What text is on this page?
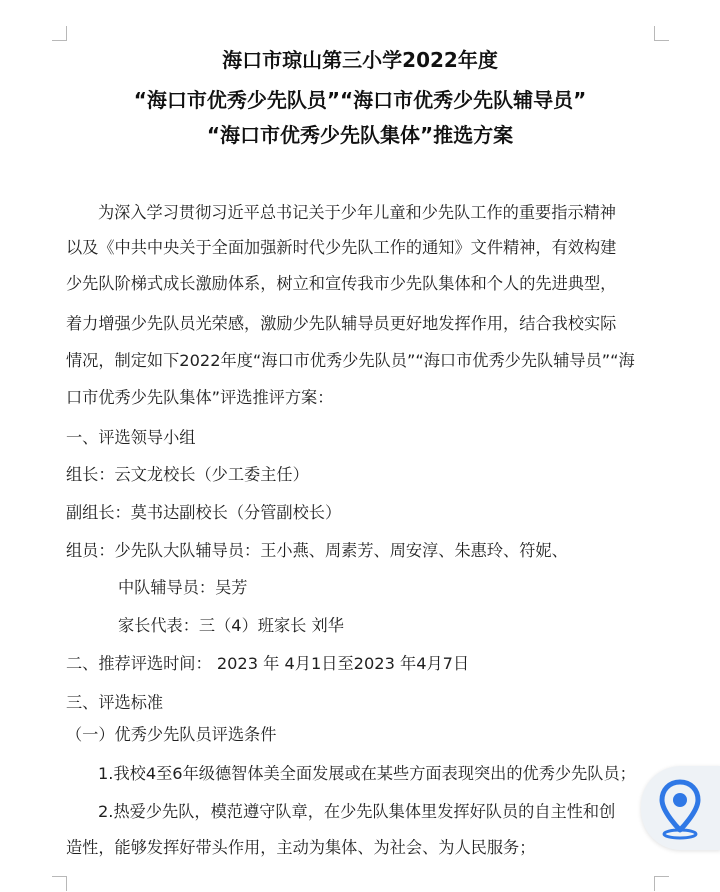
海口市琼山第三小学2022年度
“海口市优秀少先队员”“海口市优秀少先队辅导员”
“海口市优秀少先队集体”推选方案
为深入学习贯彻习近平总书记关于少年儿童和少先队工作的重要指示精神
以及《中共中央关于全面加强新时代少先队工作的通知》文件精神，有效构建
少先队阶梯式成长激励体系，树立和宣传我市少先队集体和个人的先进典型，
着力增强少先队员光荣感，激励少先队辅导员更好地发挥作用，结合我校实际
情况，制定如下2022年度“海口市优秀少先队员”“海口市优秀少先队辅导员”“海
口市优秀少先队集体”评选推评方案：
一、评选领导小组
组长：云文龙校长（少工委主任）
副组长：莫书达副校长（分管副校长）
组员：少先队大队辅导员：王小燕、周素芳、周安淳、朱惠玲、符妮、
中队辅导员：吴芳
家长代表：三（4）班家长 刘华
二、推荐评选时间： 2023 年 4月1日至2023 年4月7日
三、评选标准
（一）优秀少先队员评选条件
1.我校4至6年级德智体美全面发展或在某些方面表现突出的优秀少先队员；
2.热爱少先队，模范遵守队章，在少先队集体里发挥好队员的自主性和创
造性，能够发挥好带头作用，主动为集体、为社会、为人民服务；
